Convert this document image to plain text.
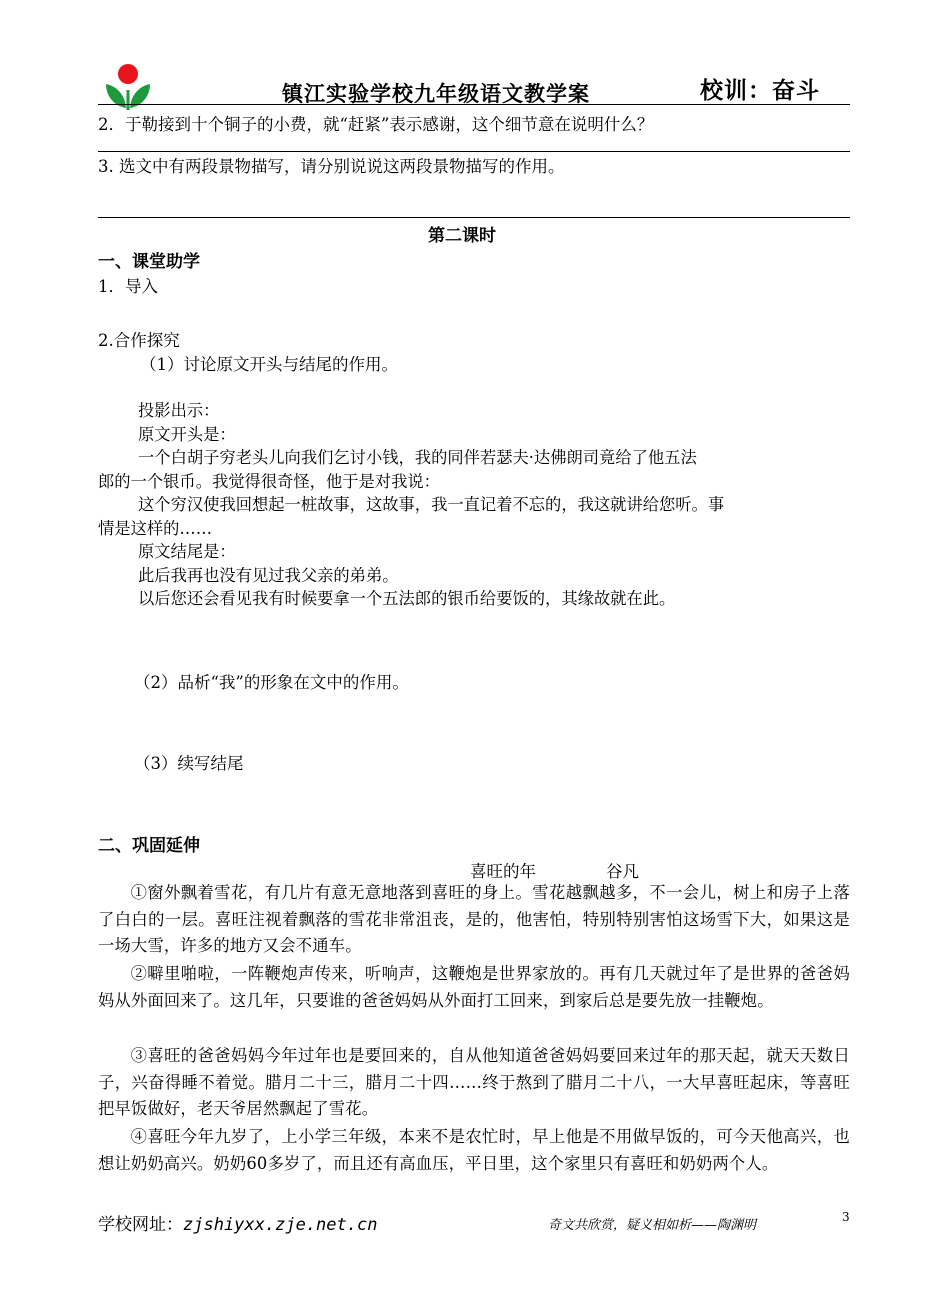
镇江实验学校九年级语文教学案	校训：奋斗
2．于勒接到十个铜子的小费，就“赶紧”表示感谢，这个细节意在说明什么？
3. 选文中有两段景物描写，请分别说说这两段景物描写的作用。
第二课时
一、课堂助学
1．导入
2.合作探究
（1）讨论原文开头与结尾的作用。
投影出示：
原文开头是：
一个白胡子穷老头儿向我们乞讨小钱，我的同伴若瑟夫·达佛朗司竟给了他五法
郎的一个银币。我觉得很奇怪，他于是对我说：
这个穷汉使我回想起一桩故事，这故事，我一直记着不忘的，我这就讲给您听。事
情是这样的……
原文结尾是：
此后我再也没有见过我父亲的弟弟。
以后您还会看见我有时候要拿一个五法郎的银币给要饭的，其缘故就在此。
（2）品析“我”的形象在文中的作用。
（3）续写结尾
二、巩固延伸
喜旺的年	谷凡
①窗外飘着雪花，有几片有意无意地落到喜旺的身上。雪花越飘越多，不一会儿，树上和房子上落了白白的一层。喜旺注视着飘落的雪花非常沮丧，是的，他害怕，特别特别害怕这场雪下大，如果这是一场大雪，许多的地方又会不通车。
②噼里啪啦，一阵鞭炮声传来，听响声，这鞭炮是世界家放的。再有几天就过年了是世界的爸爸妈妈从外面回来了。这几年，只要谁的爸爸妈妈从外面打工回来，到家后总是要先放一挂鞭炮。
③喜旺的爸爸妈妈今年过年也是要回来的，自从他知道爸爸妈妈要回来过年的那天起，就天天数日子，兴奋得睡不着觉。腊月二十三，腊月二十四……终于熬到了腊月二十八，一大早喜旺起床，等喜旺把早饭做好，老天爷居然飘起了雪花。
④喜旺今年九岁了，上小学三年级，本来不是农忙时，早上他是不用做早饭的，可今天他高兴，也想让奶奶高兴。奶奶60多岁了，而且还有高血压，平日里，这个家里只有喜旺和奶奶两个人。
学校网址：zjshiyxx.zje.net.cn	奇文共欣赏，疑义相如析——陶渊明
3
